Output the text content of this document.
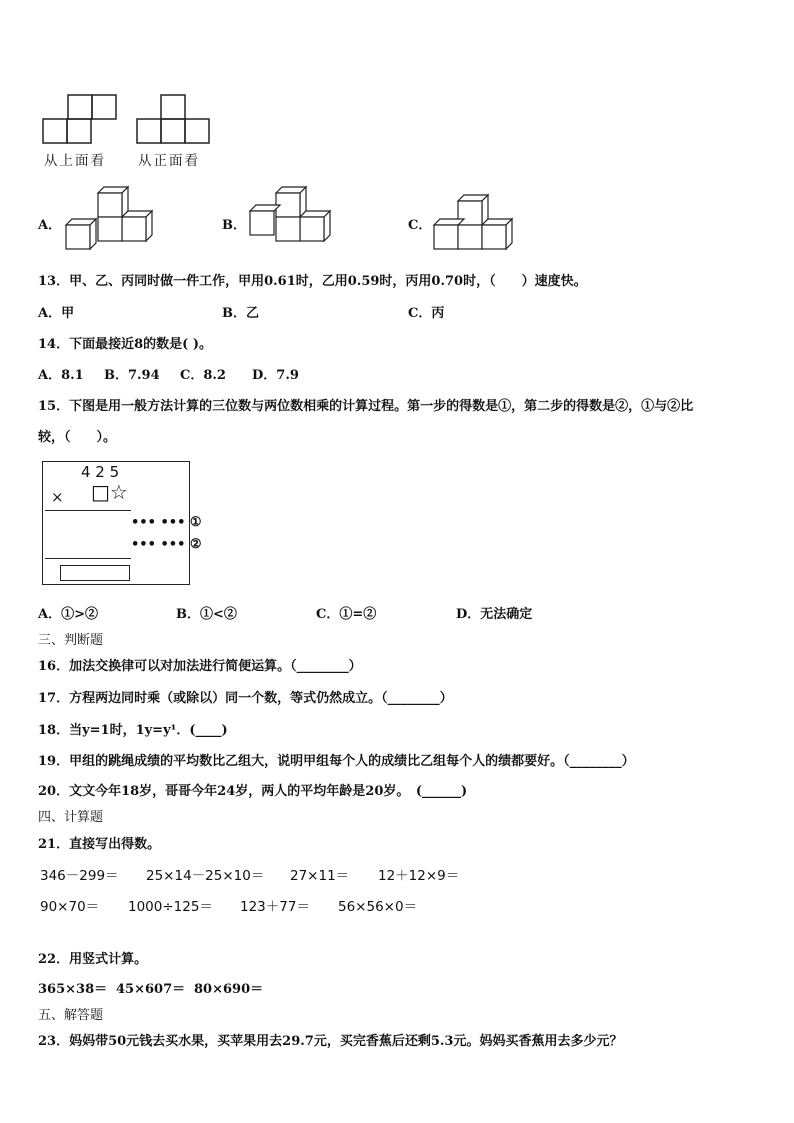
从上面看 从正面看
A．	B．	C．
13．甲、乙、丙同时做一件工作，甲用0.61时，乙用0.59时，丙用0.70时，（　　）速度快。
A．甲	B．乙	C．丙
14．下面最接近8的数是( )。
A．8.1 B．7.94 C．8.2 D．7.9
15．下图是用一般方法计算的三位数与两位数相乘的计算过程。第一步的得数是①，第二步的得数是②，①与②比
较，（　　）。
4 2 5
× □☆
••• ••• ①
••• ••• ②
A．①>②	B．①<②	C．①=②	D．无法确定
三、判断题
16．加法交换律可以对加法进行简便运算。（________）
17．方程两边同时乘（或除以）同一个数，等式仍然成立。（________）
18．当y=1时，1y=y¹．(____)
19．甲组的跳绳成绩的平均数比乙组大，说明甲组每个人的成绩比乙组每个人的绩都要好。（________）
20．文文今年18岁，哥哥今年24岁，两人的平均年龄是20岁。　(______)
四、计算题
21．直接写出得数。
346－299＝ 25×14－25×10＝ 27×11＝ 12＋12×9＝
90×70＝ 1000÷125＝ 123＋77＝ 56×56×0＝
22．用竖式计算。
365×38＝ 45×607＝ 80×690＝
五、解答题
23．妈妈带50元钱去买水果，买苹果用去29.7元，买完香蕉后还剩5.3元。妈妈买香蕉用去多少元？
